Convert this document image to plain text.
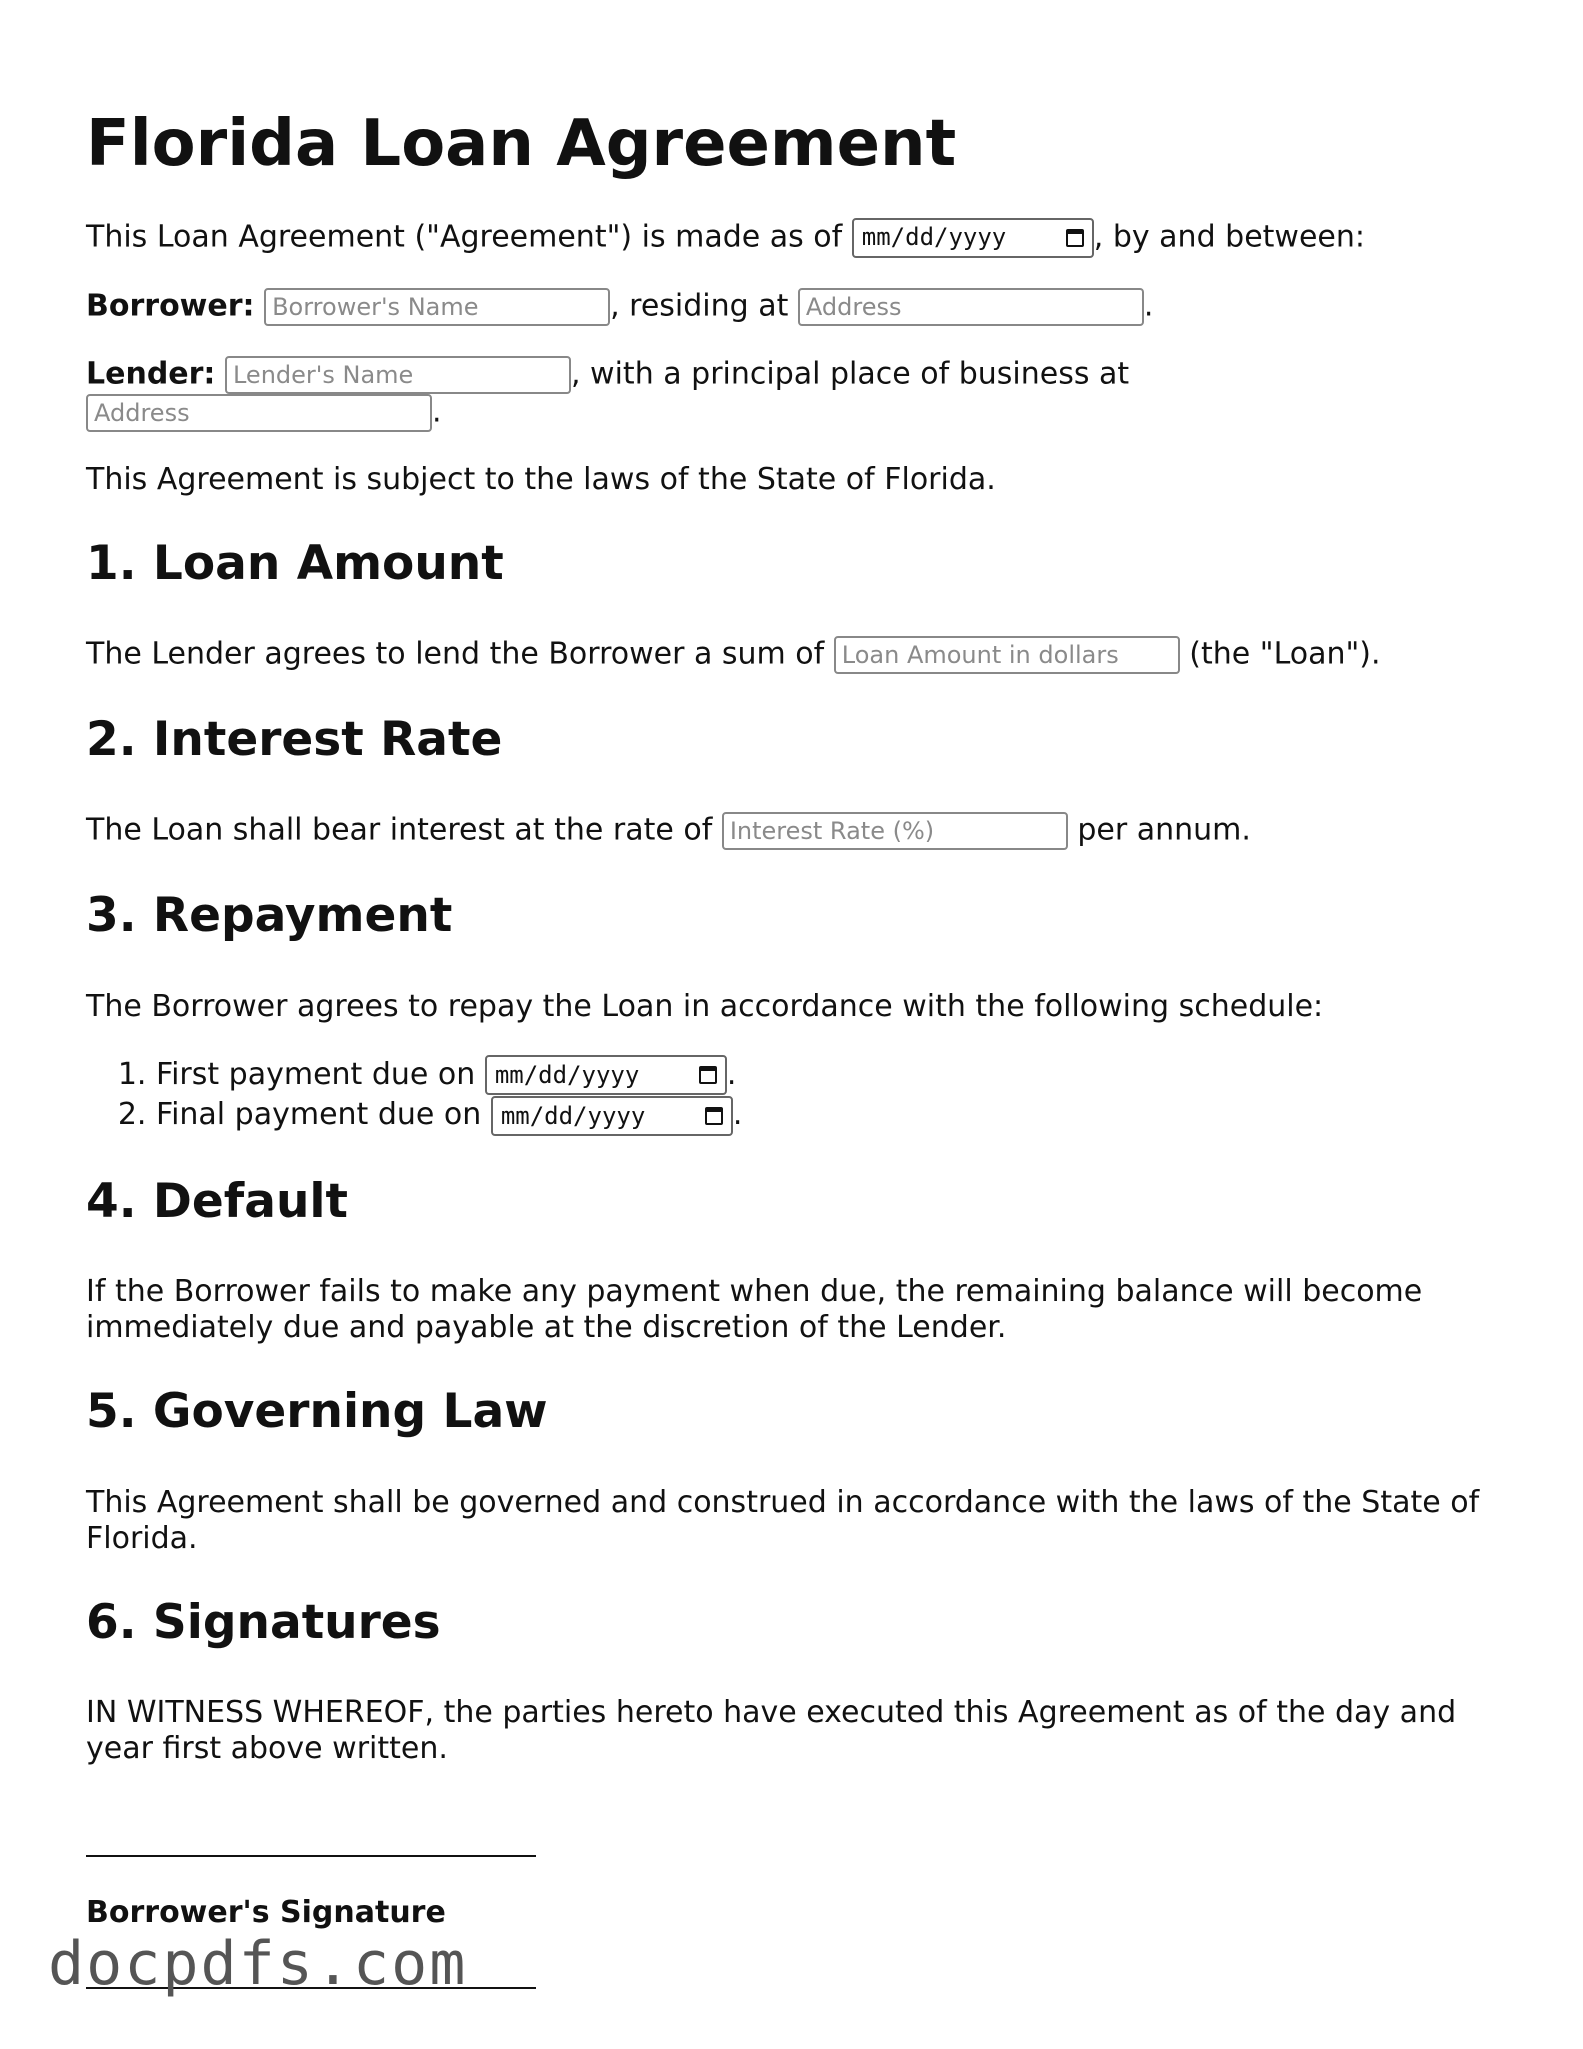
Florida Loan Agreement

This Loan Agreement ("Agreement") is made as of mm/dd/yyyy	, by and between:

Borrower: Borrower's Name	, residing at Address	.

Lender: Lender's Name	, with a principal place of business at
Address.

This Agreement is subject to the laws of the State of Florida.

1. Loan Amount

The Lender agrees to lend the Borrower a sum of Loan Amount in dollars	(the "Loan").

2. Interest Rate

The Loan shall bear interest at the rate of Interest Rate (%)	per annum.

3. Repayment

The Borrower agrees to repay the Loan in accordance with the following schedule:

1. First payment due on mm/dd/yyyy	.
2. Final payment due on mm/dd/yyyy	.
4. Default

If the Borrower fails to make any payment when due, the remaining balance will become immediately due and payable at the discretion of the Lender.

5. Governing Law

This Agreement shall be governed and construed in accordance with the laws of the State of Florida.

6. Signatures

IN WITNESS WHEREOF, the parties hereto have executed this Agreement as of the day and year first above written.

Borrower's Signature
docpdfs.com
